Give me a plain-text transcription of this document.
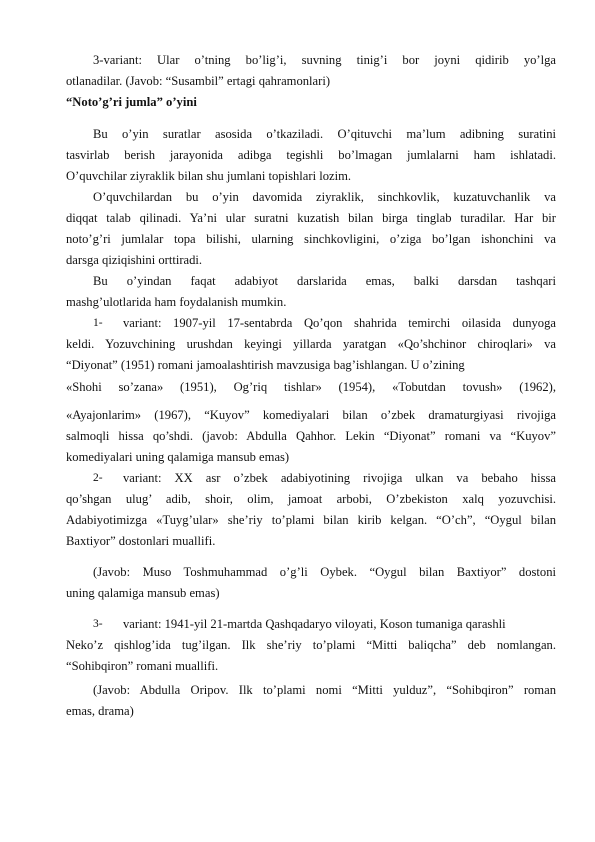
3-variant: Ular o’tning bo’lig’i, suvning tinig’i bor joyni qidirib yo’lga
otlanadilar. (Javob: “Susambil” ertagi qahramonlari)
“Noto’g’ri jumla” o’yini
Bu o’yin suratlar asosida o’tkaziladi. O’qituvchi ma’lum adibning suratini
tasvirlab berish jarayonida adibga tegishli bo’lmagan jumlalarni ham ishlatadi.
O’quvchilar ziyraklik bilan shu jumlani topishlari lozim.
O’quvchilardan bu o’yin davomida ziyraklik, sinchkovlik, kuzatuvchanlik va
diqqat talab qilinadi. Ya’ni ular suratni kuzatish bilan birga tinglab turadilar. Har bir
noto’g’ri jumlalar topa bilishi, ularning sinchkovligini, o’ziga bo’lgan ishonchini va
darsga qiziqishini orttiradi.
Bu o’yindan faqat adabiyot darslarida emas, balki darsdan tashqari
mashg’ulotlarida ham foydalanish mumkin.
1-	variant: 1907-yil 17-sentabrda Qo’qon shahrida temirchi oilasida dunyoga
keldi. Yozuvchining urushdan keyingi yillarda yaratgan «Qo’shchinor chiroqlari» va
“Diyonat” (1951) romani jamoalashtirish mavzusiga bag’ishlangan. U o’zining
«Shohi so’zana» (1951), Og’riq tishlar» (1954), «Tobutdan tovush» (1962),
«Ayajonlarim» (1967), “Kuyov” komediyalari bilan o’zbek dramaturgiyasi rivojiga
salmoqli hissa qo’shdi. (javob: Abdulla Qahhor. Lekin “Diyonat” romani va “Kuyov”
komediyalari uning qalamiga mansub emas)
2-	variant: XX asr o’zbek adabiyotining rivojiga ulkan va bebaho hissa
qo’shgan ulug’ adib, shoir, olim, jamoat arbobi, O’zbekiston xalq yozuvchisi.
Adabiyotimizga «Tuyg’ular» she’riy to’plami bilan kirib kelgan. “O’ch”, “Oygul bilan
Baxtiyor” dostonlari muallifi.
(Javob: Muso Toshmuhammad o’g’li Oybek. “Oygul bilan Baxtiyor” dostoni
uning qalamiga mansub emas)
3-	variant: 1941-yil 21-martda Qashqadaryo viloyati, Koson tumaniga qarashli
Neko’z qishlog’ida tug’ilgan. Ilk she’riy to’plami “Mitti baliqcha” deb nomlangan.
“Sohibqiron” romani muallifi.
(Javob: Abdulla Oripov. Ilk to’plami nomi “Mitti yulduz”, “Sohibqiron” roman
emas, drama)
